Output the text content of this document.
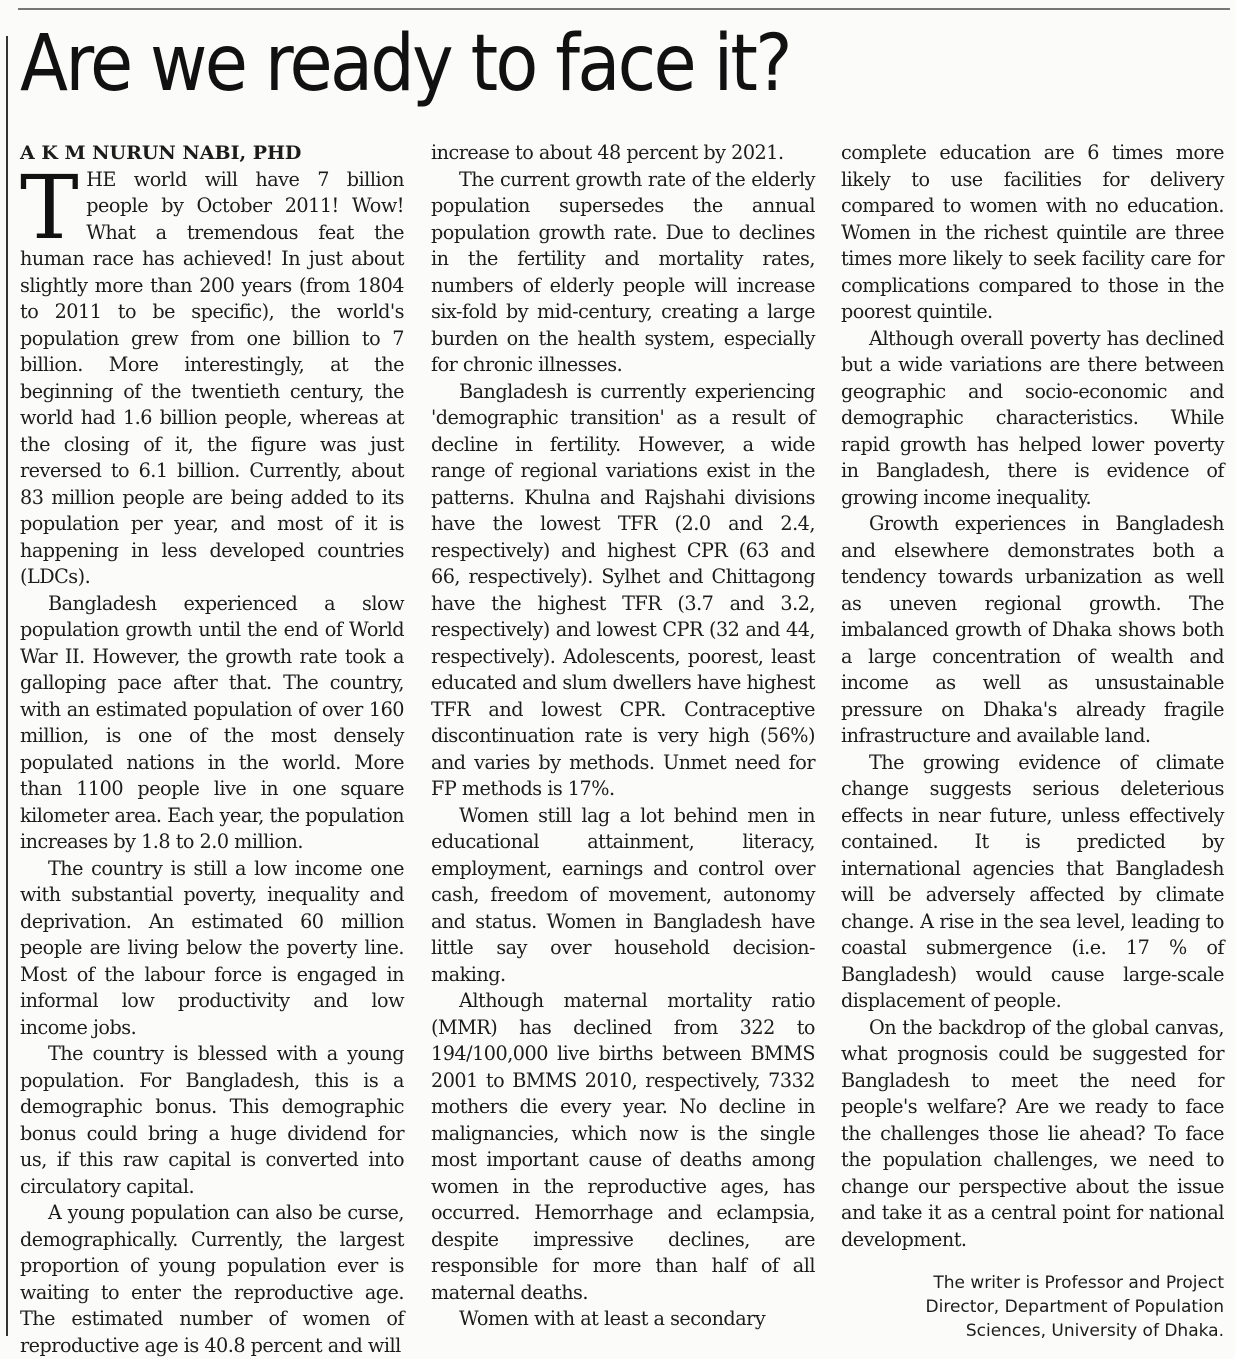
Are we ready to face it?

A K M NURUN NABI, PHD

THE world will have 7 billion people by October 2011! Wow! What a tremendous feat the human race has achieved! In just about slightly more than 200 years (from 1804 to 2011 to be specific), the world's population grew from one billion to 7 billion. More interestingly, at the beginning of the twentieth century, the world had 1.6 billion people, whereas at the closing of it, the figure was just reversed to 6.1 billion. Currently, about 83 million people are being added to its population per year, and most of it is happening in less developed countries (LDCs).

Bangladesh experienced a slow population growth until the end of World War II. However, the growth rate took a galloping pace after that. The country, with an estimated population of over 160 million, is one of the most densely populated nations in the world. More than 1100 people live in one square kilometer area. Each year, the population increases by 1.8 to 2.0 million.

The country is still a low income one with substantial poverty, inequality and deprivation. An estimated 60 million people are living below the poverty line. Most of the labour force is engaged in informal low productivity and low income jobs.

The country is blessed with a young population. For Bangladesh, this is a demographic bonus. This demographic bonus could bring a huge dividend for us, if this raw capital is converted into circulatory capital.

A young population can also be curse, demographically. Currently, the largest proportion of young population ever is waiting to enter the reproductive age. The estimated number of women of reproductive age is 40.8 percent and will

increase to about 48 percent by 2021.

The current growth rate of the elderly population supersedes the annual population growth rate. Due to declines in the fertility and mortality rates, numbers of elderly people will increase six-fold by mid-century, creating a large burden on the health system, especially for chronic illnesses.

Bangladesh is currently experiencing 'demographic transition' as a result of decline in fertility. However, a wide range of regional variations exist in the patterns. Khulna and Rajshahi divisions have the lowest TFR (2.0 and 2.4, respectively) and highest CPR (63 and 66, respectively). Sylhet and Chittagong have the highest TFR (3.7 and 3.2, respectively) and lowest CPR (32 and 44, respectively). Adolescents, poorest, least educated and slum dwellers have highest TFR and lowest CPR. Contraceptive discontinuation rate is very high (56%) and varies by methods. Unmet need for FP methods is 17%.

Women still lag a lot behind men in educational attainment, literacy, employment, earnings and control over cash, freedom of movement, autonomy and status. Women in Bangladesh have little say over household decision-making.

Although maternal mortality ratio (MMR) has declined from 322 to 194/100,000 live births between BMMS 2001 to BMMS 2010, respectively, 7332 mothers die every year. No decline in malignancies, which now is the single most important cause of deaths among women in the reproductive ages, has occurred. Hemorrhage and eclampsia, despite impressive declines, are responsible for more than half of all maternal deaths.

Women with at least a secondary

complete education are 6 times more likely to use facilities for delivery compared to women with no education. Women in the richest quintile are three times more likely to seek facility care for complications compared to those in the poorest quintile.

Although overall poverty has declined but a wide variations are there between geographic and socio-economic and demographic characteristics. While rapid growth has helped lower poverty in Bangladesh, there is evidence of growing income inequality.

Growth experiences in Bangladesh and elsewhere demonstrates both a tendency towards urbanization as well as uneven regional growth. The imbalanced growth of Dhaka shows both a large concentration of wealth and income as well as unsustainable pressure on Dhaka's already fragile infrastructure and available land.

The growing evidence of climate change suggests serious deleterious effects in near future, unless effectively contained. It is predicted by international agencies that Bangladesh will be adversely affected by climate change. A rise in the sea level, leading to coastal submergence (i.e. 17 % of Bangladesh) would cause large-scale displacement of people.

On the backdrop of the global canvas, what prognosis could be suggested for Bangladesh to meet the need for people's welfare? Are we ready to face the challenges those lie ahead? To face the population challenges, we need to change our perspective about the issue and take it as a central point for national development.

The writer is Professor and Project
Director, Department of Population
Sciences, University of Dhaka.
